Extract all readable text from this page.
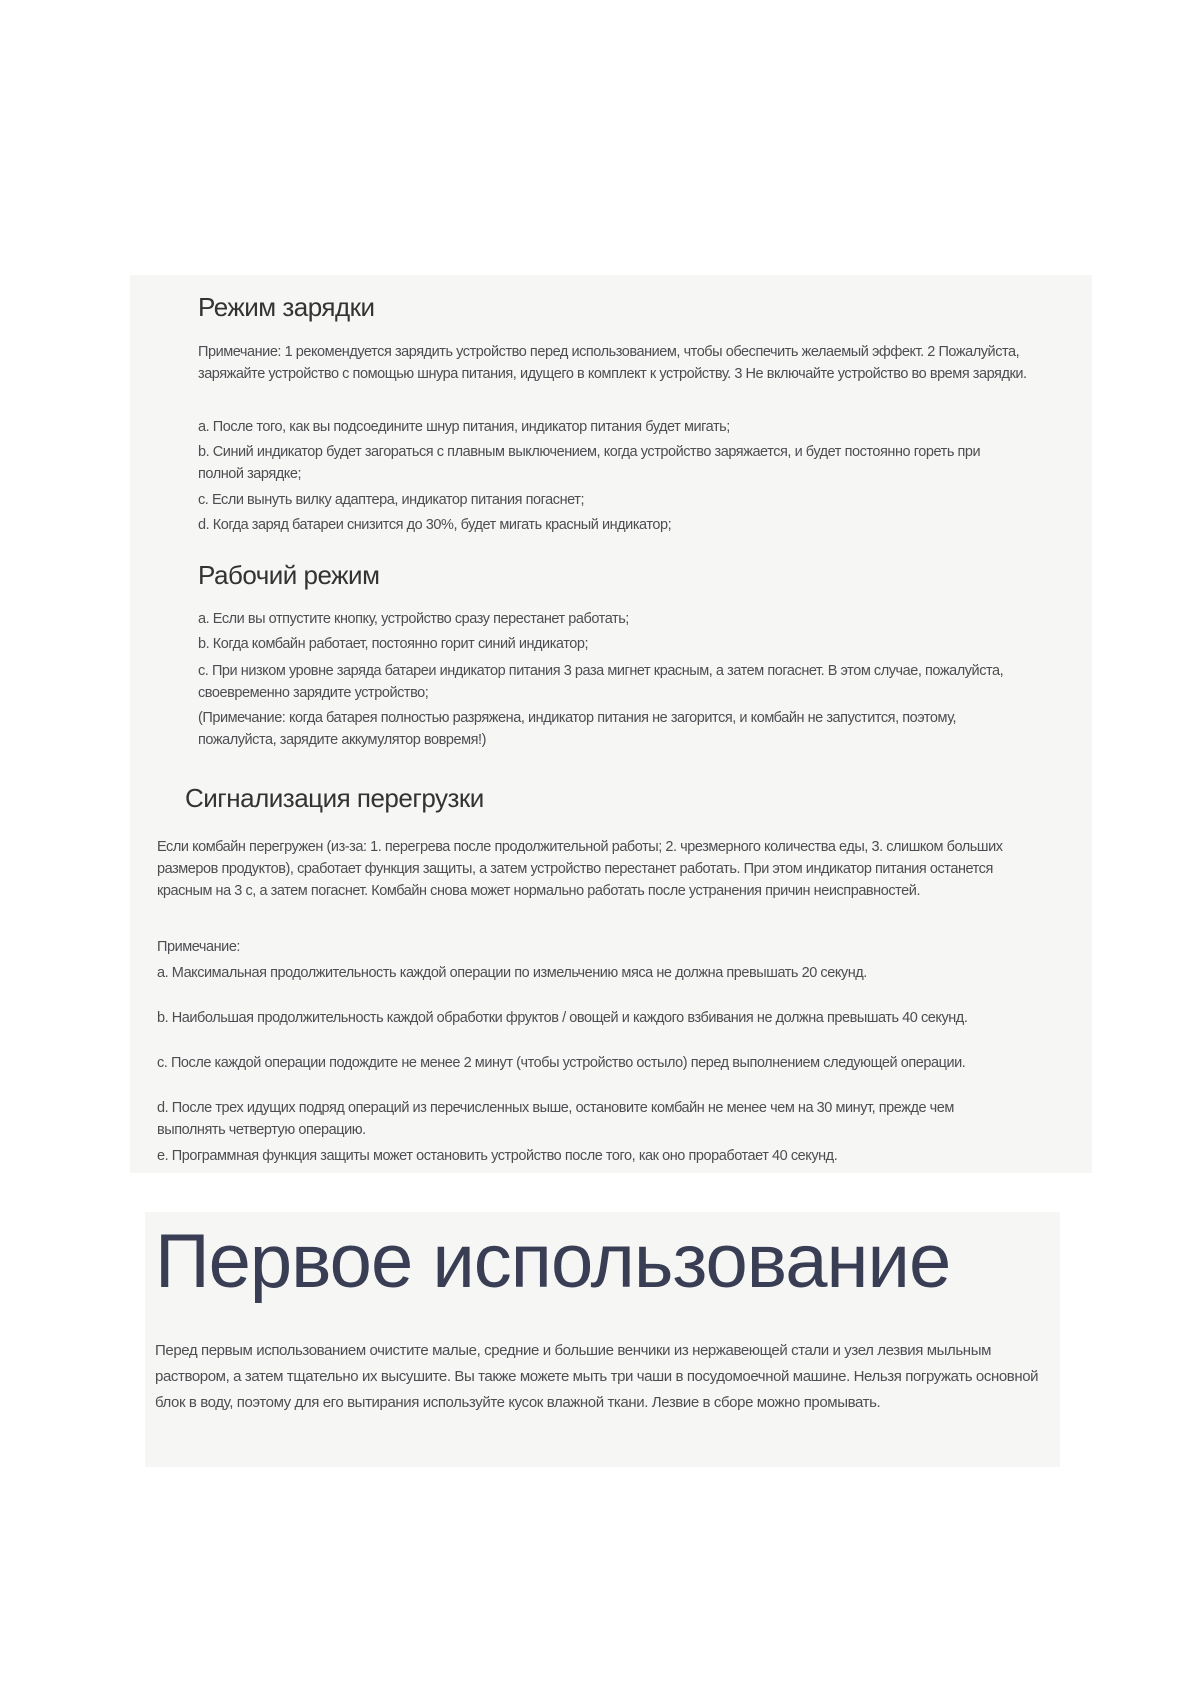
Режим зарядки

Примечание: 1 рекомендуется зарядить устройство перед использованием, чтобы обеспечить желаемый эффект. 2 Пожалуйста, заряжайте устройство с помощью шнура питания, идущего в комплект к устройству. 3 Не включайте устройство во время зарядки.

a. После того, как вы подсоедините шнур питания, индикатор питания будет мигать;

b. Синий индикатор будет загораться с плавным выключением, когда устройство заряжается, и будет постоянно гореть при полной зарядке;

c. Если вынуть вилку адаптера, индикатор питания погаснет;

d. Когда заряд батареи снизится до 30%, будет мигать красный индикатор;

Рабочий режим

a. Если вы отпустите кнопку, устройство сразу перестанет работать;

b. Когда комбайн работает, постоянно горит синий индикатор;

c. При низком уровне заряда батареи индикатор питания 3 раза мигнет красным, а затем погаснет. В этом случае, пожалуйста, своевременно зарядите устройство;

(Примечание: когда батарея полностью разряжена, индикатор питания не загорится, и комбайн не запустится, поэтому, пожалуйста, зарядите аккумулятор вовремя!)

Сигнализация перегрузки

Если комбайн перегружен (из-за: 1. перегрева после продолжительной работы; 2. чрезмерного количества еды, 3. слишком больших размеров продуктов), сработает функция защиты, а затем устройство перестанет работать. При этом индикатор питания останется красным на 3 с, а затем погаснет. Комбайн снова может нормально работать после устранения причин неисправностей.

Примечание:

a. Максимальная продолжительность каждой операции по измельчению мяса не должна превышать 20 секунд.

b. Наибольшая продолжительность каждой обработки фруктов / овощей и каждого взбивания не должна превышать 40 секунд.

c. После каждой операции подождите не менее 2 минут (чтобы устройство остыло) перед выполнением следующей операции.

d. После трех идущих подряд операций из перечисленных выше, остановите комбайн не менее чем на 30 минут, прежде чем выполнять четвертую операцию.

e. Программная функция защиты может остановить устройство после того, как оно проработает 40 секунд.

Первое использование

Перед первым использованием очистите малые, средние и большие венчики из нержавеющей стали и узел лезвия мыльным раствором, а затем тщательно их высушите. Вы также можете мыть три чаши в посудомоечной машине. Нельзя погружать основной блок в воду, поэтому для его вытирания используйте кусок влажной ткани. Лезвие в сборе можно промывать.
